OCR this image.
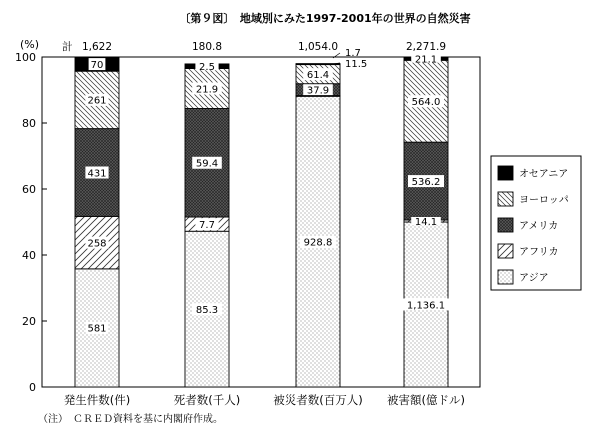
〔第９図〕　地域別にみた1997-2001年の世界の自然災害
(%)
0
20
40
60
80
100
581
258
431
261
70
1,622
発生件数(件)
85.3
7.7
59.4
21.9
2.5
180.8
死者数(千人)
928.8
37.9
61.4
1,054.0
被災者数(百万人)
1,136.1
14.1
536.2
564.0
21.1
2,271.9
被害額(億ドル)
計
1.7
11.5
オセアニア
ヨーロッパ
アメリカ
アフリカ
アジア
（注）　ＣＲＥＤ資料を基に内閣府作成。
